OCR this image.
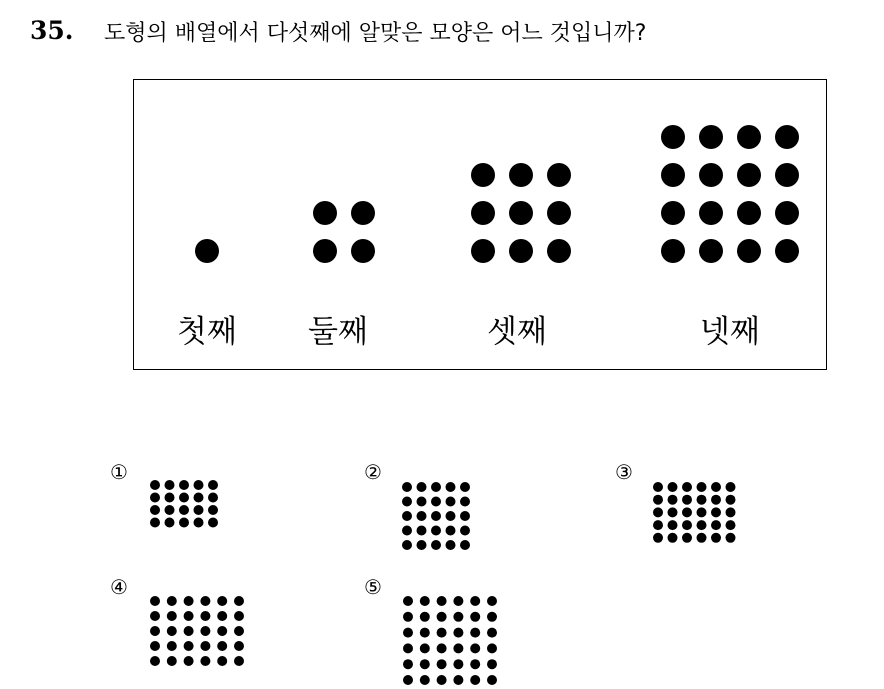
35. 도형의 배열에서 다섯째에 알맞은 모양은 어느 것입니까?
첫째 둘째	셋째	넷째
①	②	③
④	⑤
